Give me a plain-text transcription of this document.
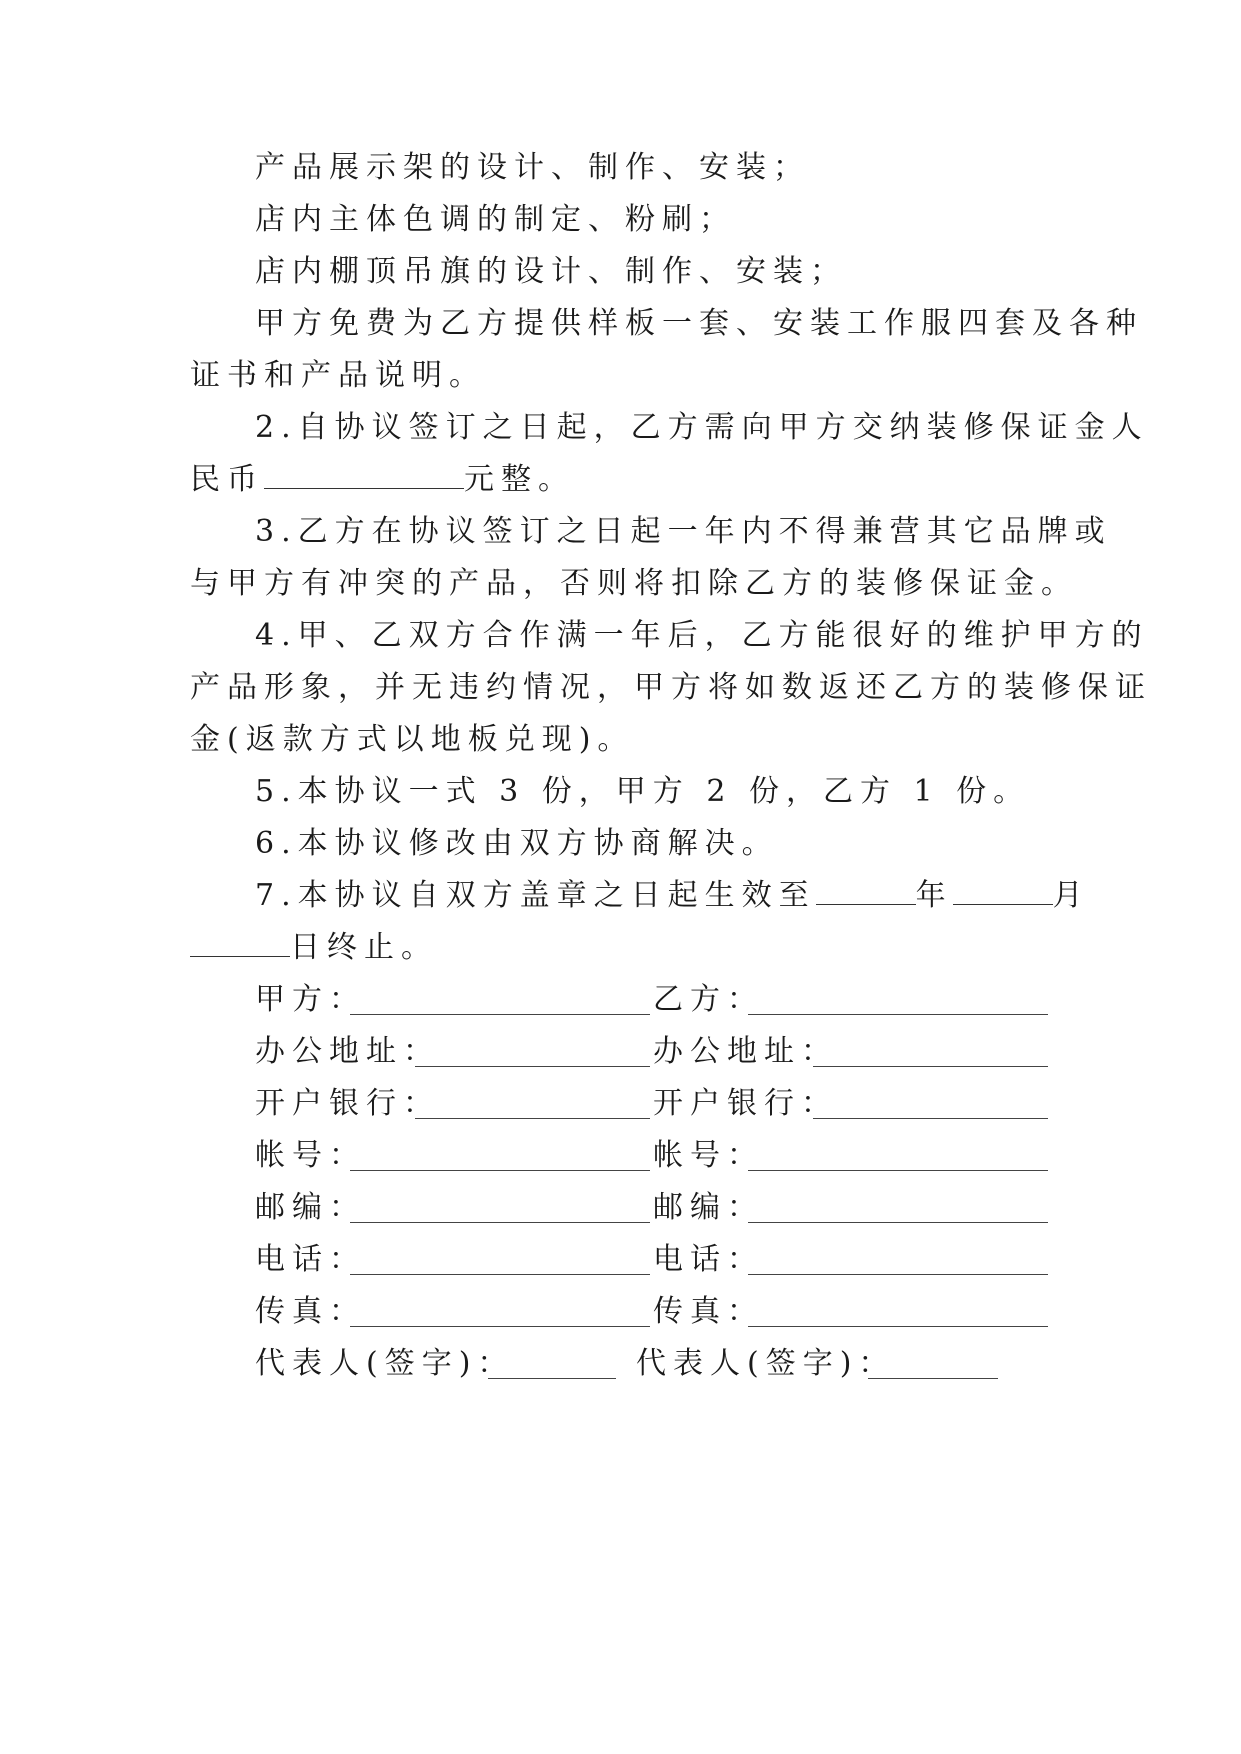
产品展示架的设计、制作、安装；
店内主体色调的制定、粉刷；
店内棚顶吊旗的设计、制作、安装；
甲方免费为乙方提供样板一套、安装工作服四套及各种
证书和产品说明。
2.自协议签订之日起，乙方需向甲方交纳装修保证金人
民币	元整。
3.乙方在协议签订之日起一年内不得兼营其它品牌或
与甲方有冲突的产品，否则将扣除乙方的装修保证金。
4.甲、乙双方合作满一年后，乙方能很好的维护甲方的
产品形象，并无违约情况，甲方将如数返还乙方的装修保证
金(返款方式以地板兑现)。
5.本协议一式 3 份，甲方 2 份，乙方 1 份。
6.本协议修改由双方协商解决。
7.本协议自双方盖章之日起生效至	年	月
日终止。
甲方：	乙方：
办公地址：	办公地址：
开户银行：	开户银行：
帐号：	帐号：
邮编：	邮编：
电话：	电话：
传真：	传真：
代表人(签字)：	代表人(签字)：
